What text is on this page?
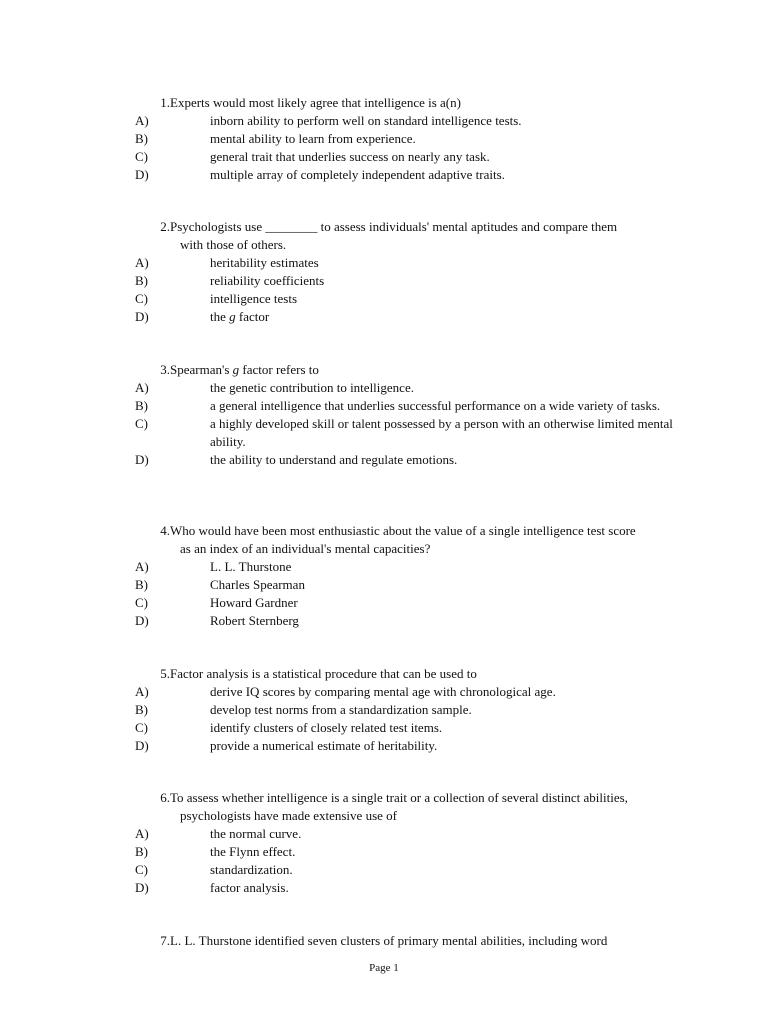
1. Experts would most likely agree that intelligence is a(n)
A)	inborn ability to perform well on standard intelligence tests.
B)	mental ability to learn from experience.
C)	general trait that underlies success on nearly any task.
D)	multiple array of completely independent adaptive traits.
2. Psychologists use ________ to assess individuals' mental aptitudes and compare them
with those of others.
A)	heritability estimates
B)	reliability coefficients
C)	intelligence tests
D)	the g factor
3. Spearman's g factor refers to
A)	the genetic contribution to intelligence.
B)	a general intelligence that underlies successful performance on a wide variety of tasks.
C)	a highly developed skill or talent possessed by a person with an otherwise limited mental ability.
D)	the ability to understand and regulate emotions.
4. Who would have been most enthusiastic about the value of a single intelligence test score
as an index of an individual's mental capacities?
A)	L. L. Thurstone
B)	Charles Spearman
C)	Howard Gardner
D)	Robert Sternberg
5. Factor analysis is a statistical procedure that can be used to
A)	derive IQ scores by comparing mental age with chronological age.
B)	develop test norms from a standardization sample.
C)	identify clusters of closely related test items.
D)	provide a numerical estimate of heritability.
6. To assess whether intelligence is a single trait or a collection of several distinct abilities,
psychologists have made extensive use of
A)	the normal curve.
B)	the Flynn effect.
C)	standardization.
D)	factor analysis.
7. L. L. Thurstone identified seven clusters of primary mental abilities, including word
Page 1
